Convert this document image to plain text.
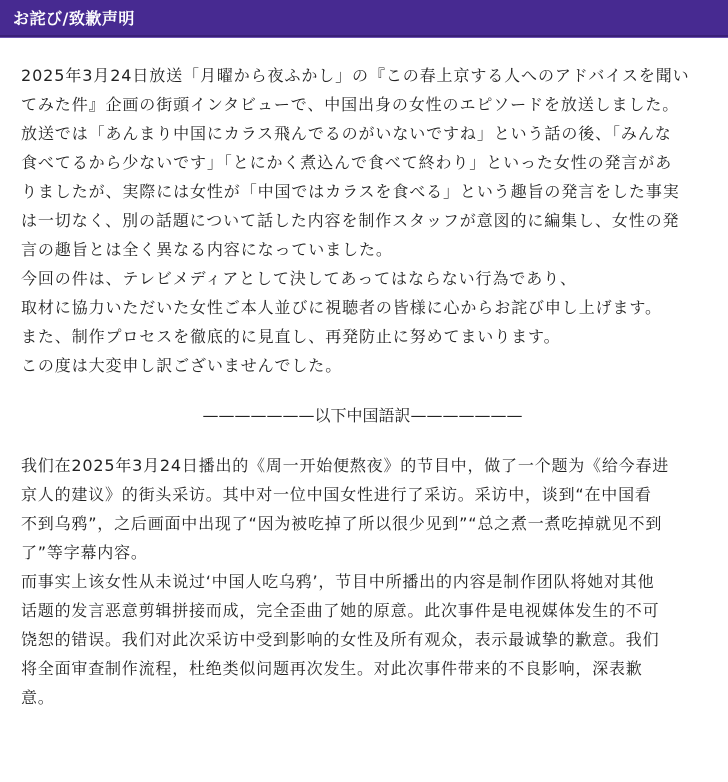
お詫び/致歉声明
2025年3月24日放送「月曜から夜ふかし」の『この春上京する人へのアドバイスを聞い
てみた件』企画の街頭インタビューで、中国出身の女性のエピソードを放送しました。
放送では「あんまり中国にカラス飛んでるのがいないですね」という話の後、「みんな
食べてるから少ないです」「とにかく煮込んで食べて終わり」といった女性の発言があ
りましたが、実際には女性が「中国ではカラスを食べる」という趣旨の発言をした事実
は一切なく、別の話題について話した内容を制作スタッフが意図的に編集し、女性の発
言の趣旨とは全く異なる内容になっていました。
今回の件は、テレビメディアとして決してあってはならない行為であり、
取材に協力いただいた女性ご本人並びに視聴者の皆様に心からお詫び申し上げます。
また、制作プロセスを徹底的に見直し、再発防止に努めてまいります。
この度は大変申し訳ございませんでした。
———————以下中国語訳———————
我们在2025年3月24日播出的《周一开始便熬夜》的节目中，做了一个题为《给今春进
京人的建议》的街头采访。其中对一位中国女性进行了采访。采访中，谈到“在中国看
不到乌鸦”，之后画面中出现了“因为被吃掉了所以很少见到”“总之煮一煮吃掉就见不到
了”等字幕内容。
而事实上该女性从未说过‘中国人吃乌鸦’，节目中所播出的内容是制作团队将她对其他
话题的发言恶意剪辑拼接而成，完全歪曲了她的原意。此次事件是电视媒体发生的不可
饶恕的错误。我们对此次采访中受到影响的女性及所有观众，表示最诚挚的歉意。我们
将全面审查制作流程，杜绝类似问题再次发生。对此次事件带来的不良影响，深表歉
意。
